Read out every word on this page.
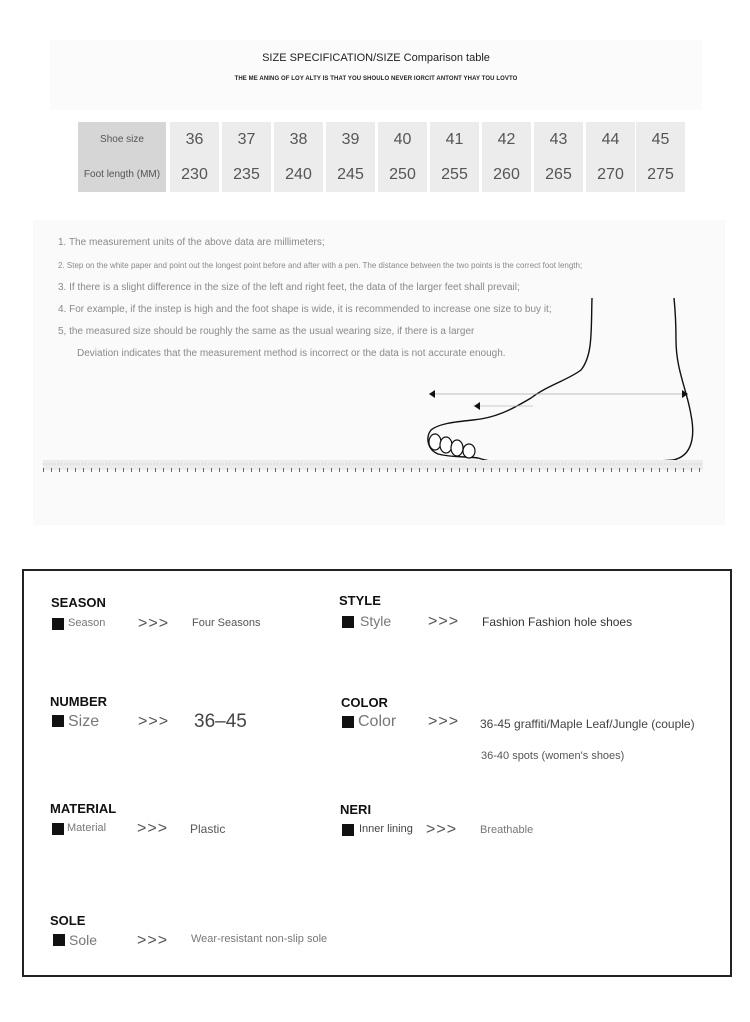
SIZE SPECIFICATION/SIZE Comparison table
THE ME ANING OF LOY ALTY IS THAT YOU SHOULO NEVER IORCIT ANTONT YHAY TOU LOVTO
Shoe size	36	37	38	39	40	41	42	43	44	45
Foot length (MM)	230	235	240	245	250	255	260	265	270	275
1. The measurement units of the above data are millimeters;
2. Step on the white paper and point out the longest point before and after with a pen. The distance between the two points is the correct foot length;
3. If there is a slight difference in the size of the left and right feet, the data of the larger feet shall prevail;
4. For example, if the instep is high and the foot shape is wide, it is recommended to increase one size to buy it;
5, the measured size should be roughly the same as the usual wearing size, if there is a larger
Deviation indicates that the measurement method is incorrect or the data is not accurate enough.
SEASON
Season >>> Four Seasons
STYLE
Style >>> Fashion Fashion hole shoes
NUMBER
Size >>> 36–45
COLOR
Color >>> 36-45 graffiti/Maple Leaf/Jungle (couple)
36-40 spots (women's shoes)
MATERIAL
Material >>> Plastic
NERI
Inner lining >>> Breathable
SOLE
Sole >>> Wear-resistant non-slip sole
